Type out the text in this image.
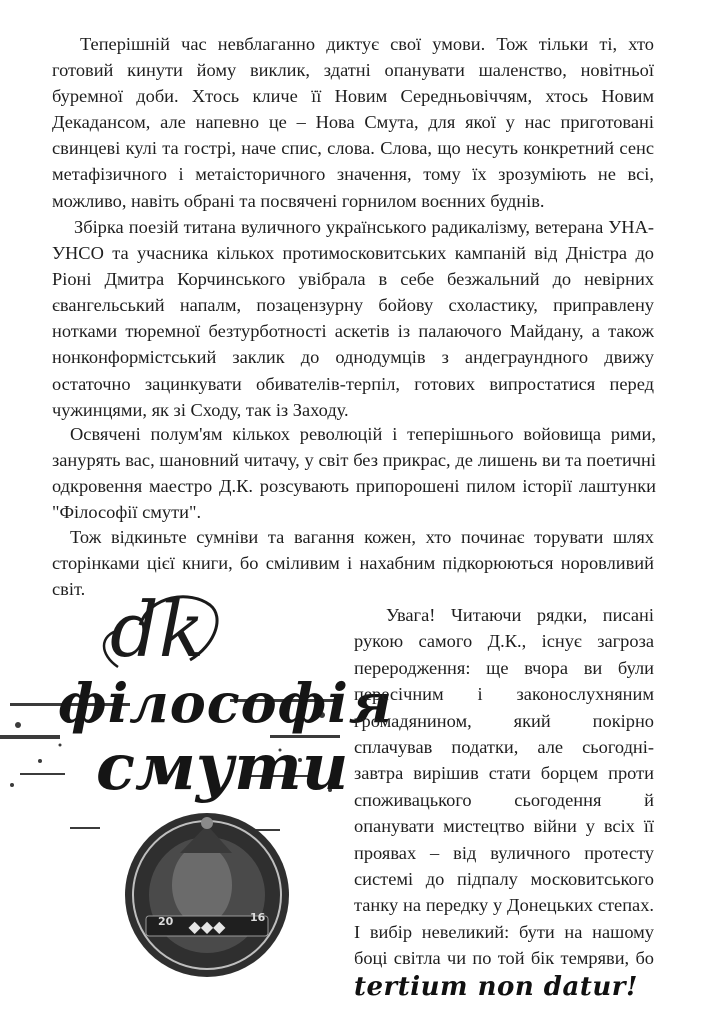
Теперішній час невблаганно диктує свої умови. Тож тільки ті, хто готовий кинути йому виклик, здатні опанувати шаленство, новітньої буремної доби. Хтось кличе її Новим Середньовіччям, хтось Новим Декадансом, але напевно це – Нова Смута, для якої у нас приготовані свинцеві кулі та гострі, наче спис, слова. Слова, що несуть конкретний сенс метафізичного і метаісторичного значення, тому їх зрозуміють не всі, можливо, навіть обрані та посвячені горнилом воєнних буднів.

Збірка поезій титана вуличного українського радикалізму, ветерана УНА-УНСО та учасника кількох протимосковитських кампаній від Дністра до Ріоні Дмитра Корчинського увібрала в себе безжальний до невірних євангельський напалм, позацензурну бойову схоластику, приправлену нотками тюремної безтурботності аскетів із палаючого Майдану, а також нонконформістський заклик до однодумців з андеграундного движу остаточно зацинкувати обивателів-терпіл, готових випростатися перед чужинцями, як зі Сходу, так із Заходу.

Освячені полум'ям кількох революцій і теперішнього войовища рими, занурять вас, шановний читачу, у світ без прикрас, де лишень ви та поетичні одкровення маестро Д.К. розсувають припорошені пилом історії лаштунки "Філософії смути".

Тож відкиньте сумніви та вагання кожен, хто починає торувати шлях сторінками цієї книги, бо сміливим і нахабним підкорюються норовливий світ.

◆◆◆
dk
філософія
смути
20	16

Увага! Читаючи рядки, писані рукою самого Д.К., існує загроза переродження: ще вчора ви були пересічним і законослухняним громадянином, який покірно сплачував податки, але сьогодні-завтра вирішив стати борцем проти споживацького сьогодення й опанувати мистецтво війни у всіх її проявах – від вуличного протесту системі до підпалу московитського танку на передку у Донецьких степах. І вибір невеликий: бути на нашому боці світла чи по той бік темряви, бо tertium non datur!
